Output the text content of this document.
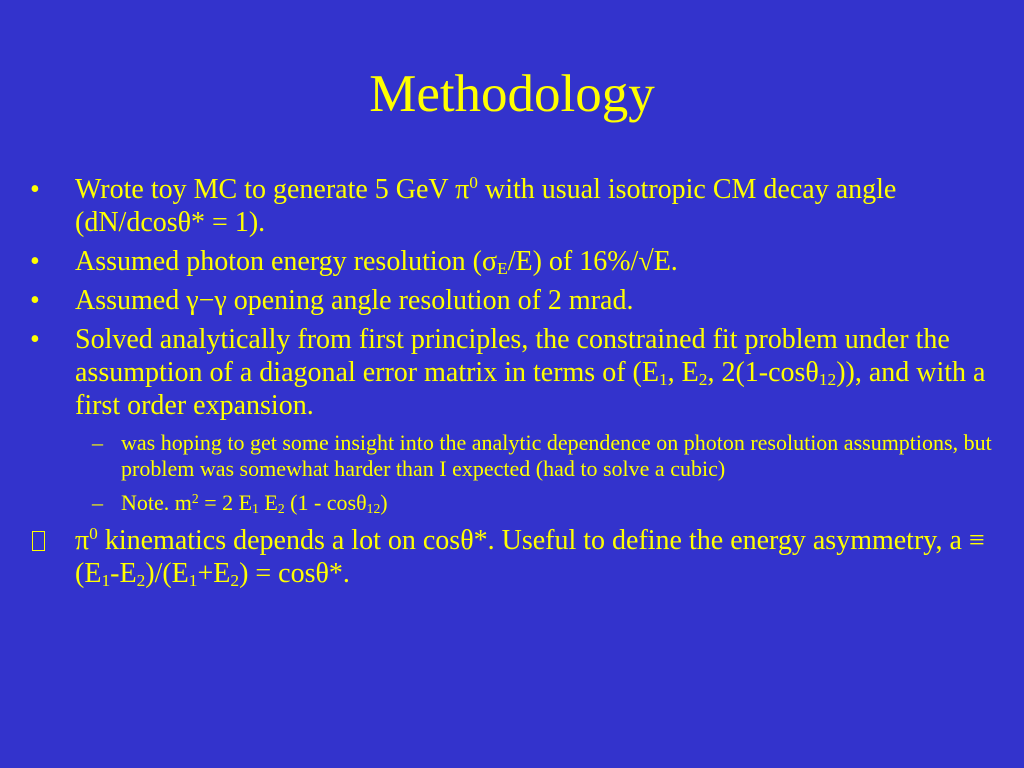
Methodology
•	Wrote toy MC to generate 5 GeV $\pi^0$ with usual isotropic CM decay angle (dN/dcosθ* = 1).
•	Assumed photon energy resolution $(\sigma_E/E)$ of 16%/√E.
•	Assumed γ−γ opening angle resolution of 2 mrad.
•	Solved analytically from first principles, the constrained fit problem under the assumption of a diagonal error matrix in terms of ($E_1$, $E_2$, 2(1-cosθ$_{12}$)), and with a first order expansion.
– was hoping to get some insight into the analytic dependence on photon resolution assumptions, but problem was somewhat harder than I expected (had to solve a cubic)
– Note. $m^2 = 2$ $E_1$ $E_2$ (1 - cosθ$_{12}$)
$\pi^0$ kinematics depends a lot on cosθ*. Useful to define the energy asymmetry, $a \equiv (E_1-E_2)/(E_1+E_2) = \cos\theta*$.
